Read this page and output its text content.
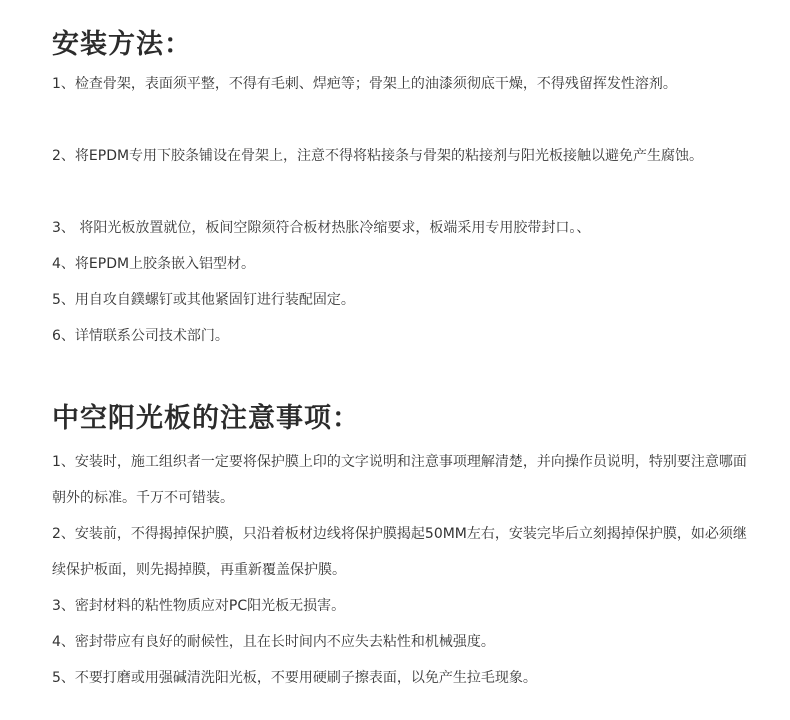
安装方法：

1、检查骨架，表面须平整，不得有毛刺、焊疤等；骨架上的油漆须彻底干燥，不得残留挥发性溶剂。

2、将EPDM专用下胶条铺设在骨架上，注意不得将粘接条与骨架的粘接剂与阳光板接触以避免产生腐蚀。

3、 将阳光板放置就位，板间空隙须符合板材热胀冷缩要求，板端采用专用胶带封口。、

4、将EPDM上胶条嵌入铝型材。

5、用自攻自鏷螺钉或其他紧固钉进行装配固定。

6、详情联系公司技术部门。

中空阳光板的注意事项：

1、安装时，施工组织者一定要将保护膜上印的文字说明和注意事项理解清楚，并向操作员说明，特别要注意哪面朝外的标准。千万不可错装。

2、安装前，不得揭掉保护膜，只沿着板材边线将保护膜揭起50MM左右，安装完毕后立刻揭掉保护膜，如必须继续保护板面，则先揭掉膜，再重新覆盖保护膜。

3、密封材料的粘性物质应对PC阳光板无损害。

4、密封带应有良好的耐候性，且在长时间内不应失去粘性和机械强度。

5、不要打磨或用强碱清洗阳光板，不要用硬刷子擦表面，以免产生拉毛现象。
